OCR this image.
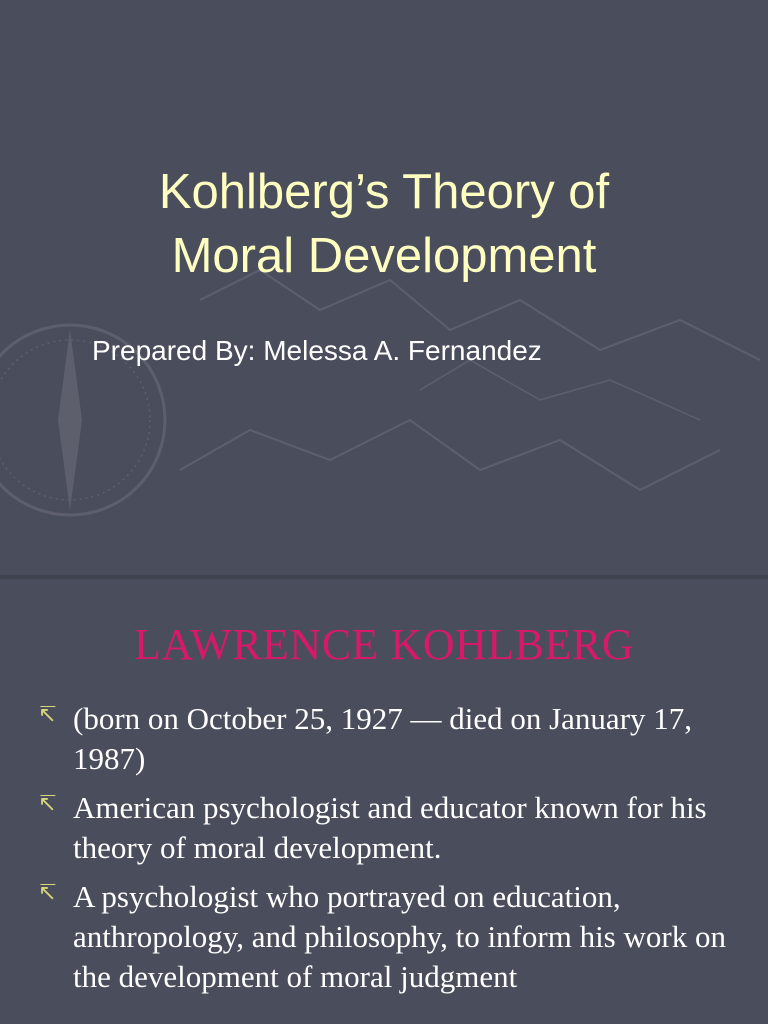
Kohlberg’s Theory of
Moral Development
Prepared By: Melessa A. Fernandez
LAWRENCE KOHLBERG
↸ (born on October 25, 1927 — died on January 17, 1987)
↸ American psychologist and educator known for his theory of moral development.
↸ A psychologist who portrayed on education, anthropology, and philosophy, to inform his work on the development of moral judgment
